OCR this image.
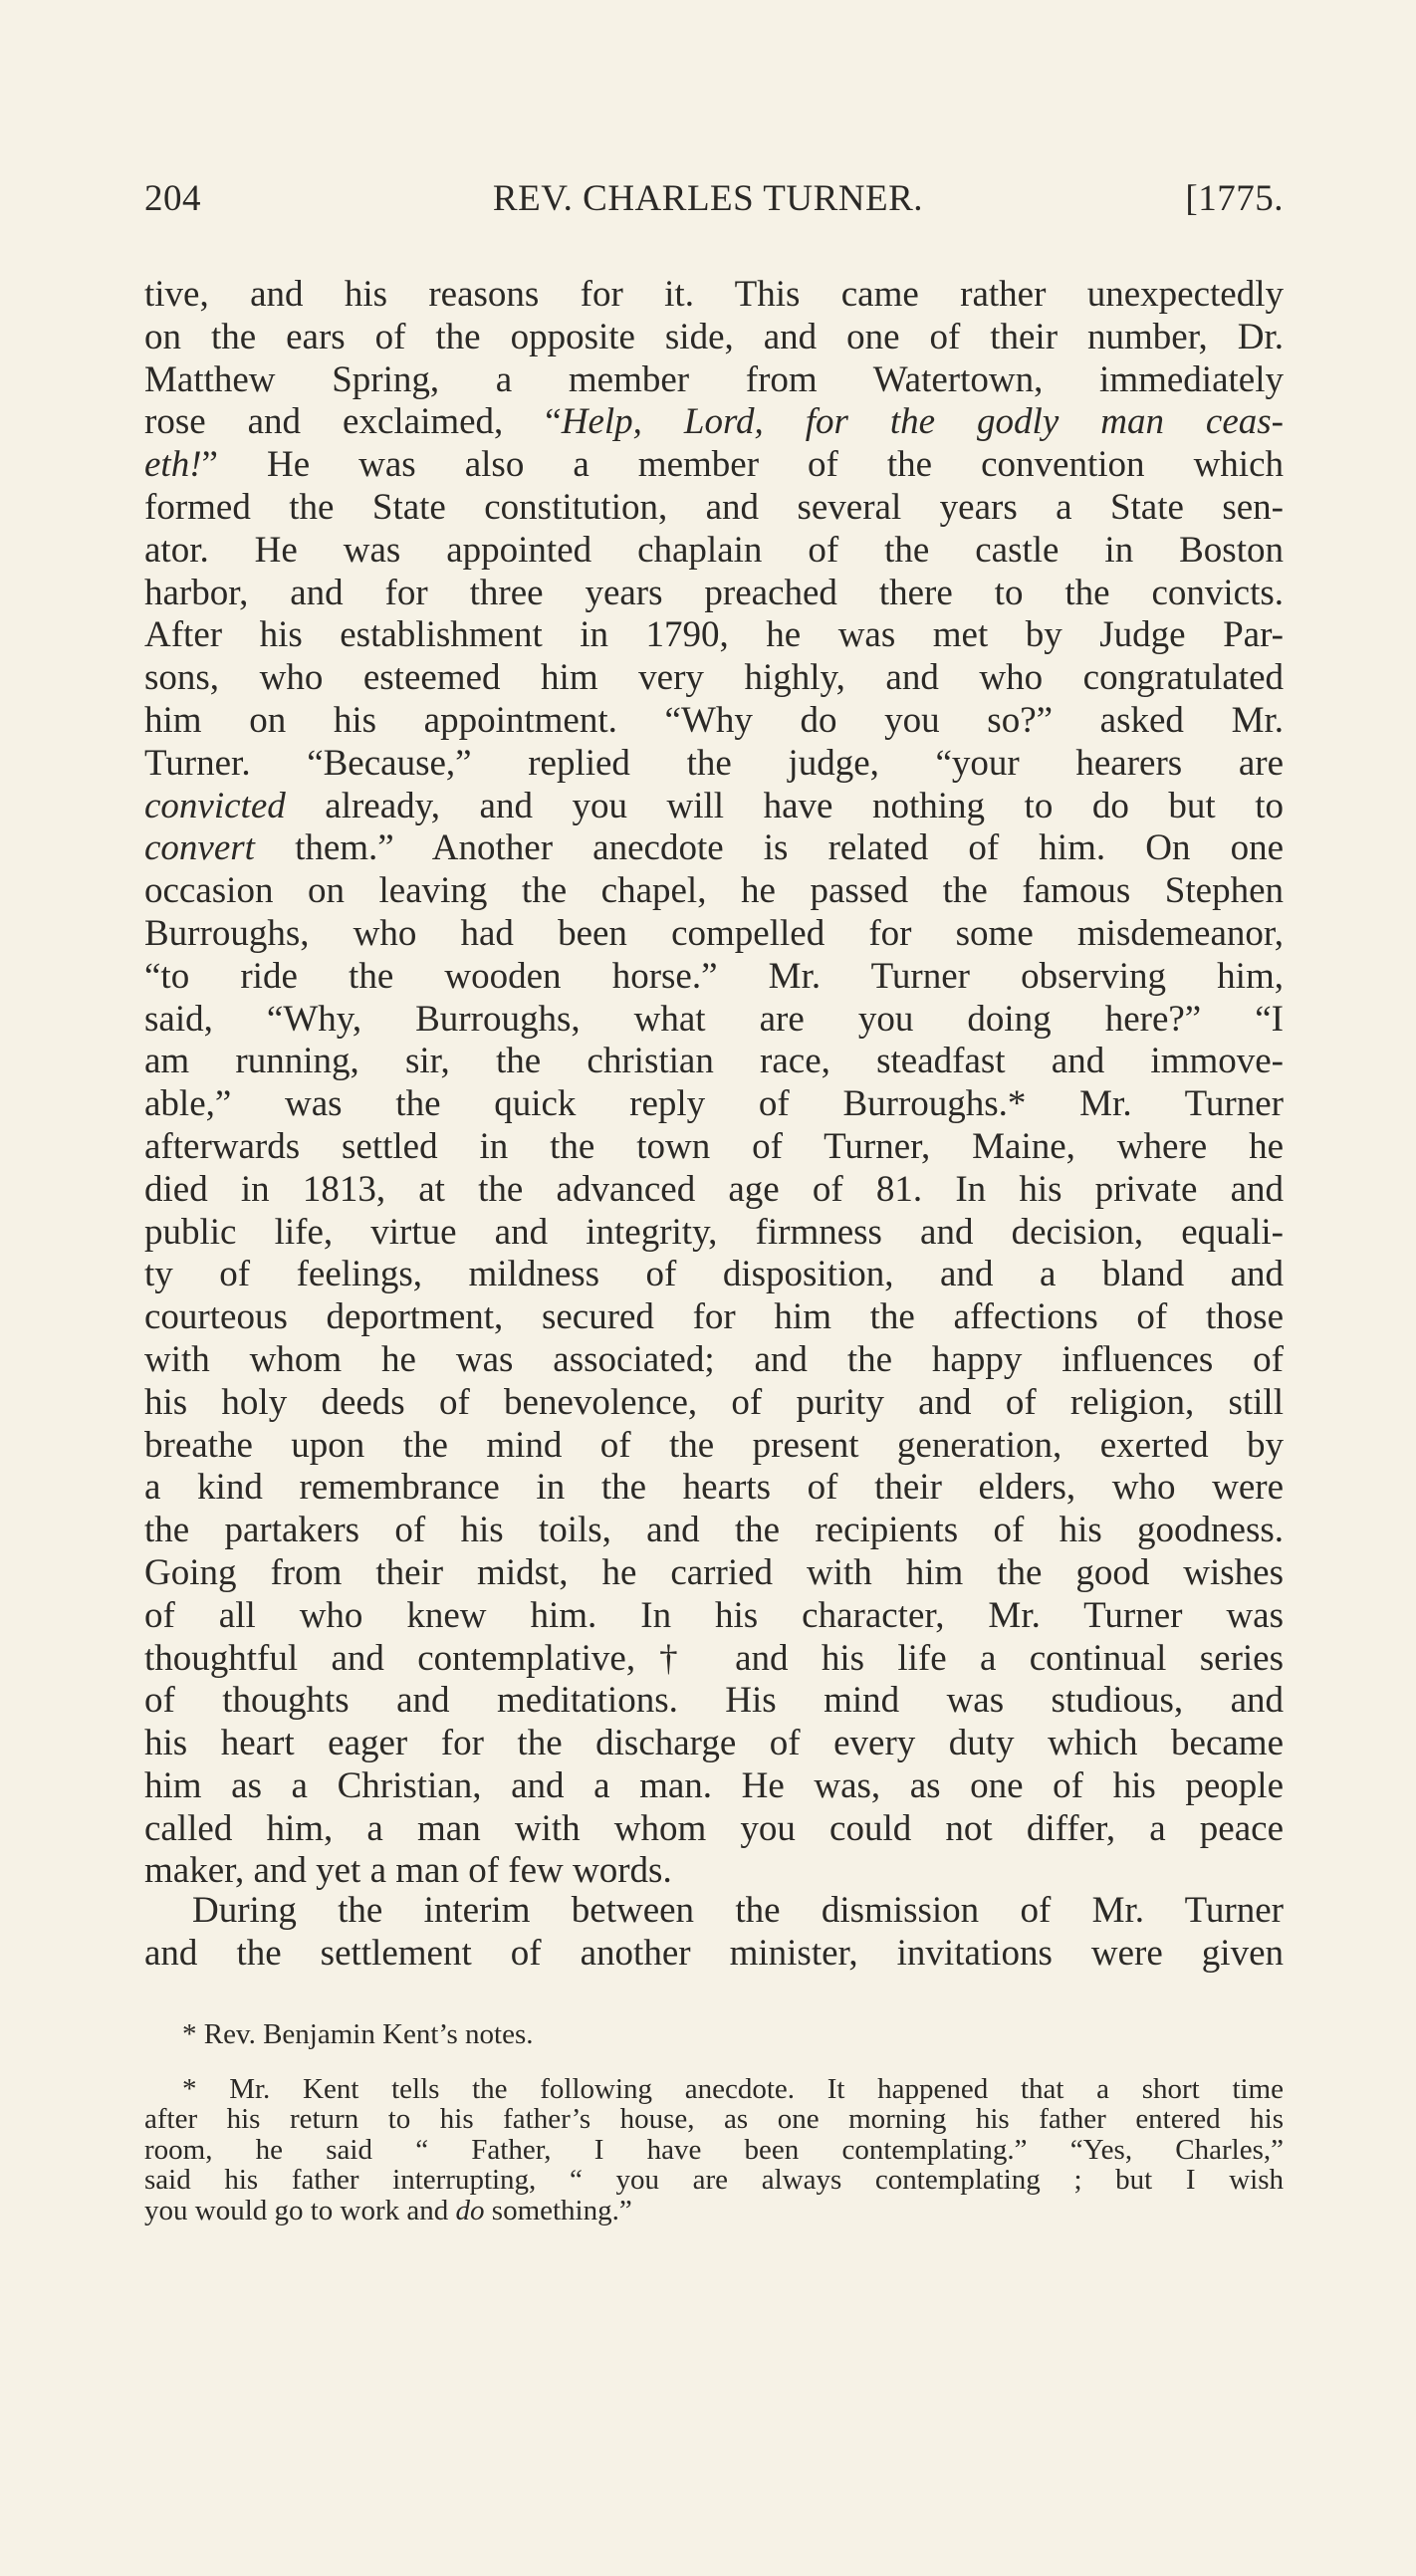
204	REV. CHARLES TURNER.	[1775.
tive, and his reasons for it. This came rather unexpectedly
on the ears of the opposite side, and one of their number, Dr.
Matthew Spring, a member from Watertown, immediately
rose and exclaimed, “Help, Lord, for the godly man ceas-
eth!” He was also a member of the convention which
formed the State constitution, and several years a State sen-
ator. He was appointed chaplain of the castle in Boston
harbor, and for three years preached there to the convicts.
After his establishment in 1790, he was met by Judge Par-
sons, who esteemed him very highly, and who congratulated
him on his appointment. “Why do you so?” asked Mr.
Turner. “Because,” replied the judge, “your hearers are
convicted already, and you will have nothing to do but to
convert them.” Another anecdote is related of him. On one
occasion on leaving the chapel, he passed the famous Stephen
Burroughs, who had been compelled for some misdemeanor,
“to ride the wooden horse.” Mr. Turner observing him,
said, “Why, Burroughs, what are you doing here?” “I
am running, sir, the christian race, steadfast and immove-
able,” was the quick reply of Burroughs.* Mr. Turner
afterwards settled in the town of Turner, Maine, where he
died in 1813, at the advanced age of 81. In his private and
public life, virtue and integrity, firmness and decision, equali-
ty of feelings, mildness of disposition, and a bland and
courteous deportment, secured for him the affections of those
with whom he was associated; and the happy influences of
his holy deeds of benevolence, of purity and of religion, still
breathe upon the mind of the present generation, exerted by
a kind remembrance in the hearts of their elders, who were
the partakers of his toils, and the recipients of his goodness.
Going from their midst, he carried with him the good wishes
of all who knew him. In his character, Mr. Turner was
thoughtful and contemplative,† and his life a continual series
of thoughts and meditations. His mind was studious, and
his heart eager for the discharge of every duty which became
him as a Christian, and a man. He was, as one of his people
called him, a man with whom you could not differ, a peace
maker, and yet a man of few words.
During the interim between the dismission of Mr. Turner
and the settlement of another minister, invitations were given
* Rev. Benjamin Kent’s notes.
* Mr. Kent tells the following anecdote. It happened that a short time
after his return to his father’s house, as one morning his father entered his
room, he said “ Father, I have been contemplating.” “Yes, Charles,”
said his father interrupting, “ you are always contemplating ; but I wish
you would go to work and do something.”
